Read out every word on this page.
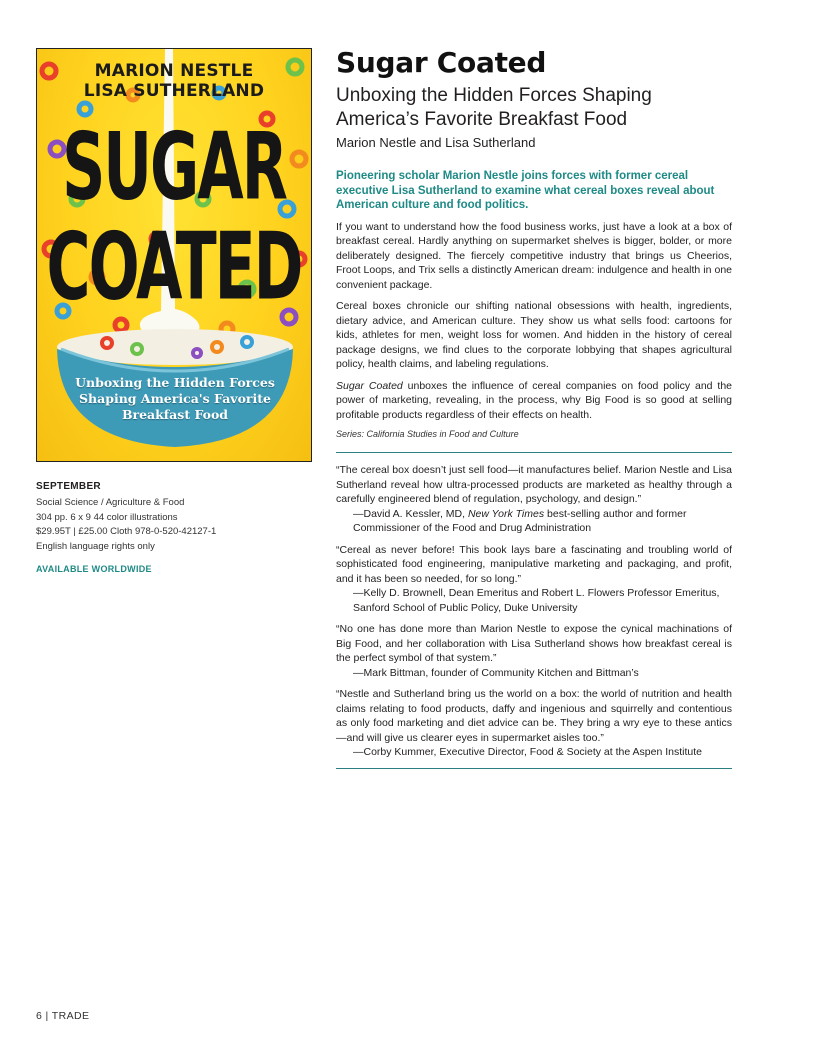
MARION NESTLE
LISA SUTHERLAND
SUGAR
COATED
Unboxing the Hidden Forces
Shaping America's Favorite
Breakfast Food
SEPTEMBER
Social Science / Agriculture & Food
304 pp. 6 x 9 44 color illustrations
$29.95T | £25.00 Cloth 978-0-520-42127-1
English language rights only
AVAILABLE WORLDWIDE
Sugar Coated
Unboxing the Hidden Forces Shaping America’s Favorite Breakfast Food
Marion Nestle and Lisa Sutherland
Pioneering scholar Marion Nestle joins forces with former cereal executive Lisa Sutherland to examine what cereal boxes reveal about American culture and food politics.
If you want to understand how the food business works, just have a look at a box of breakfast cereal. Hardly anything on supermarket shelves is bigger, bolder, or more deliberately designed. The fiercely competitive industry that brings us Cheerios, Froot Loops, and Trix sells a distinctly American dream: indulgence and health in one convenient package.
Cereal boxes chronicle our shifting national obsessions with health, ingredients, dietary advice, and American culture. They show us what sells food: cartoons for kids, athletes for men, weight loss for women. And hidden in the history of cereal package designs, we find clues to the corporate lobbying that shapes agricultural policy, health claims, and labeling regulations.
Sugar Coated unboxes the influence of cereal companies on food policy and the power of marketing, revealing, in the process, why Big Food is so good at selling profitable products regardless of their effects on health.
Series: California Studies in Food and Culture
“The cereal box doesn’t just sell food—it manufactures belief. Marion Nestle and Lisa Sutherland reveal how ultra-processed products are marketed as healthy through a carefully engineered blend of regulation, psychology, and design.”
—David A. Kessler, MD, New York Times best-selling author and former Commissioner of the Food and Drug Administration
“Cereal as never before! This book lays bare a fascinating and troubling world of sophisticated food engineering, manipulative marketing and packaging, and profit, and it has been so needed, for so long.”
—Kelly D. Brownell, Dean Emeritus and Robert L. Flowers Professor Emeritus, Sanford School of Public Policy, Duke University
“No one has done more than Marion Nestle to expose the cynical machinations of Big Food, and her collaboration with Lisa Sutherland shows how breakfast cereal is the perfect symbol of that system.”
—Mark Bittman, founder of Community Kitchen and Bittman’s
“Nestle and Sutherland bring us the world on a box: the world of nutrition and health claims relating to food products, daffy and ingenious and squirrelly and contentious as only food marketing and diet advice can be. They bring a wry eye to these antics—and will give us clearer eyes in supermarket aisles too.”
—Corby Kummer, Executive Director, Food & Society at the Aspen Institute
6 | TRADE
